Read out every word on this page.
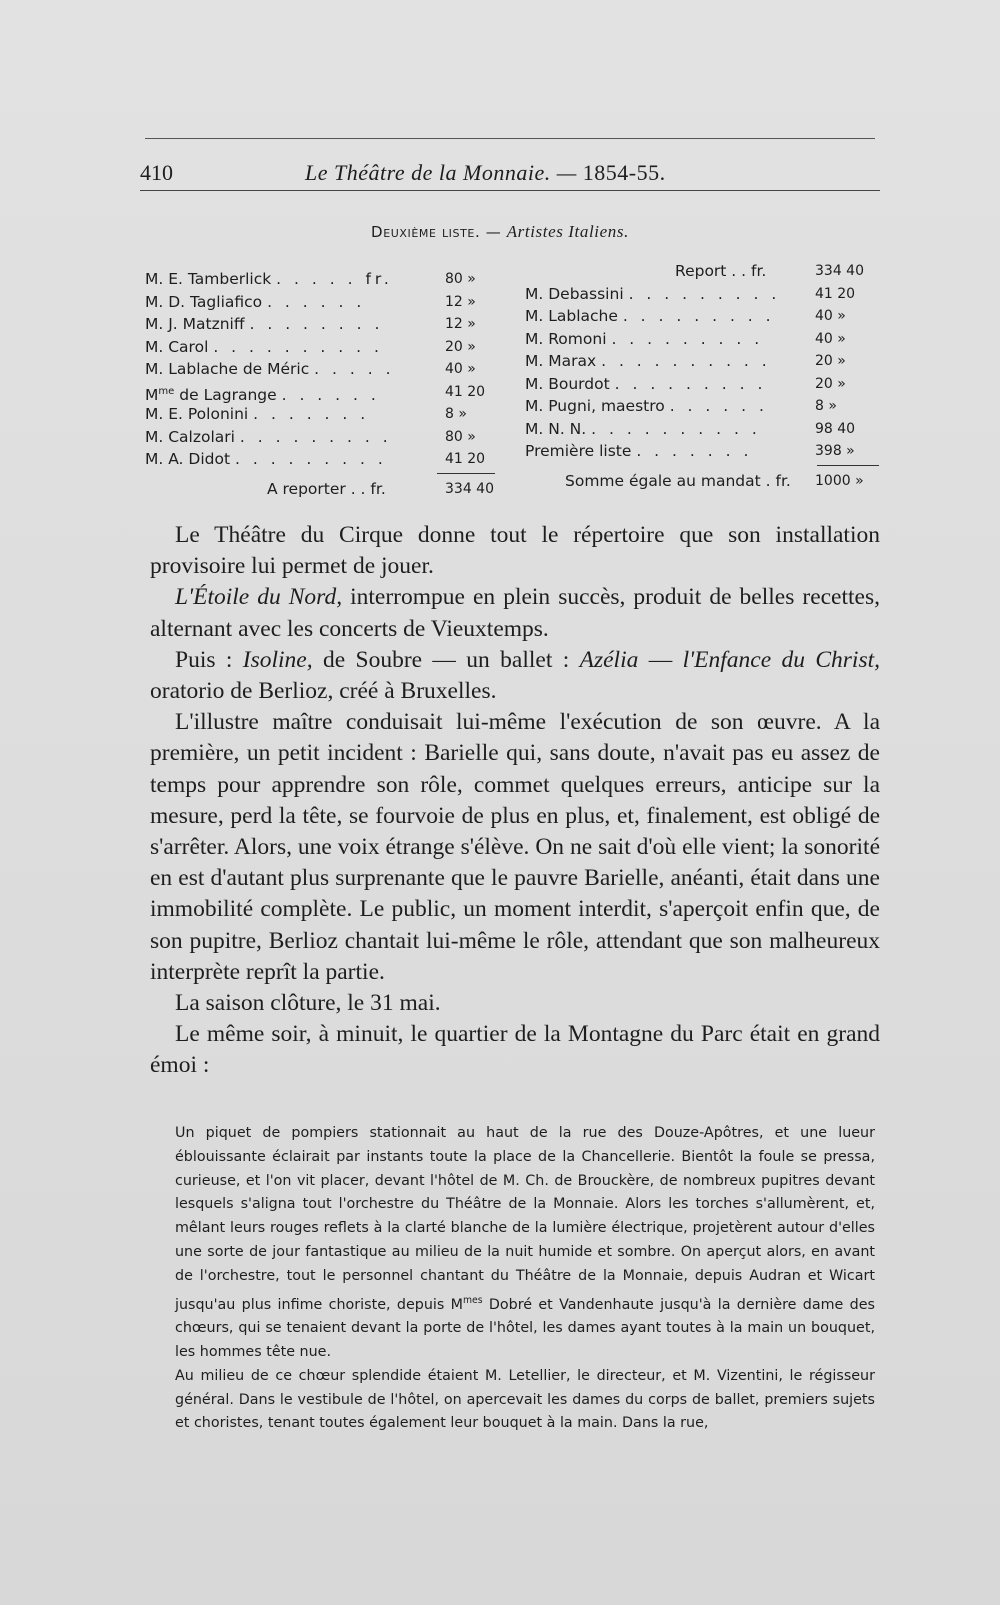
410	Le Théâtre de la Monnaie. — 1854-55.
Deuxième liste. — Artistes Italiens.
M. E. Tamberlick . . . . . fr.	80 »
M. D. Tagliafico . . . . . .	12 »
M. J. Matzniff . . . . . . . .	12 »
M. Carol . . . . . . . . . .	20 »
M. Lablache de Méric . . . . .	40 »
$M^{me}$ de Lagrange . . . . . .	41 20
M. E. Polonini . . . . . . .	8 »
M. Calzolari . . . . . . . . .	80 »
M. A. Didot . . . . . . . . .	41 20
A reporter . . fr.	334 40
Report . . fr.	334 40
M. Debassini . . . . . . . . . 41 20
M. Lablache . . . . . . . . .	40 »
M. Romoni . . . . . . . . .	40 »
M. Marax . . . . . . . . . .	20 »
M. Bourdot . . . . . . . . .	20 »
M. Pugni, maestro . . . . . .	8 »
M. N. N. . . . . . . . . . .	98 40
Première liste . . . . . . .	398 »
Somme égale au mandat . fr. 1000 »

Le Théâtre du Cirque donne tout le répertoire que son installation provisoire lui permet de jouer.

L'Étoile du Nord, interrompue en plein succès, produit de belles recettes, alternant avec les concerts de Vieuxtemps.

Puis : Isoline, de Soubre — un ballet : Azélia — l'Enfance du Christ, oratorio de Berlioz, créé à Bruxelles.

L'illustre maître conduisait lui-même l'exécution de son œuvre. A la première, un petit incident : Barielle qui, sans doute, n'avait pas eu assez de temps pour apprendre son rôle, commet quelques erreurs, anticipe sur la mesure, perd la tête, se fourvoie de plus en plus, et, finalement, est obligé de s'arrêter. Alors, une voix étrange s'élève. On ne sait d'où elle vient; la sonorité en est d'autant plus surprenante que le pauvre Barielle, anéanti, était dans une immobilité complète. Le public, un moment interdit, s'aperçoit enfin que, de son pupitre, Berlioz chantait lui-même le rôle, attendant que son malheureux interprète reprît la partie.

La saison clôture, le 31 mai.

Le même soir, à minuit, le quartier de la Montagne du Parc était en grand émoi :

Un piquet de pompiers stationnait au haut de la rue des Douze-Apôtres, et une lueur éblouissante éclairait par instants toute la place de la Chancellerie. Bientôt la foule se pressa, curieuse, et l'on vit placer, devant l'hôtel de M. Ch. de Brouckère, de nombreux pupitres devant lesquels s'aligna tout l'orchestre du Théâtre de la Monnaie. Alors les torches s'allumèrent, et, mêlant leurs rouges reflets à la clarté blanche de la lumière électrique, projetèrent autour d'elles une sorte de jour fantastique au milieu de la nuit humide et sombre. On aperçut alors, en avant de l'orchestre, tout le personnel chantant du Théâtre de la Monnaie, depuis Audran et Wicart jusqu'au plus infime choriste, depuis $M^{mes}$ Dobré et Vandenhaute jusqu'à la dernière dame des chœurs, qui se tenaient devant la porte de l'hôtel, les dames ayant toutes à la main un bouquet, les hommes tête nue.

Au milieu de ce chœur splendide étaient M. Letellier, le directeur, et M. Vizentini, le régisseur général. Dans le vestibule de l'hôtel, on apercevait les dames du corps de ballet, premiers sujets et choristes, tenant toutes également leur bouquet à la main. Dans la rue,
